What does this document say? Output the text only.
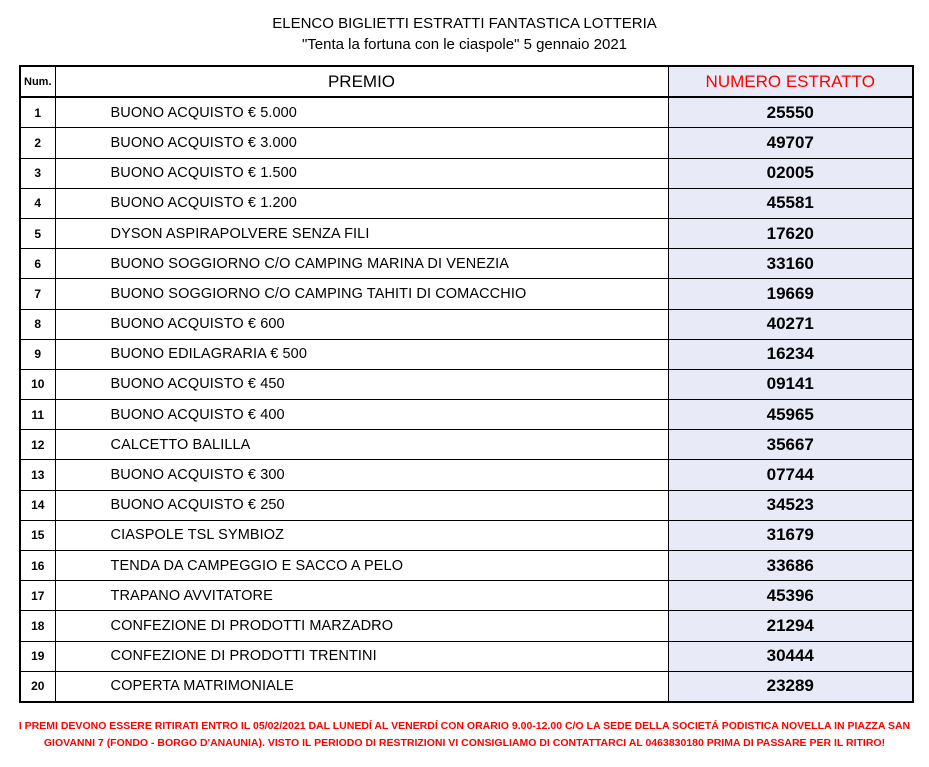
ELENCO BIGLIETTI ESTRATTI FANTASTICA LOTTERIA
"Tenta la fortuna con le ciaspole" 5 gennaio 2021
Num.	PREMIO	NUMERO ESTRATTO
1	BUONO ACQUISTO € 5.000	25550
2	BUONO ACQUISTO € 3.000	49707
3	BUONO ACQUISTO € 1.500	02005
4	BUONO ACQUISTO € 1.200	45581
5	DYSON ASPIRAPOLVERE SENZA FILI	17620
6	BUONO SOGGIORNO C/O CAMPING MARINA DI VENEZIA	33160
7	BUONO SOGGIORNO C/O CAMPING TAHITI DI COMACCHIO	19669
8	BUONO ACQUISTO € 600	40271
9	BUONO EDILAGRARIA € 500	16234
10	BUONO ACQUISTO € 450	09141
11	BUONO ACQUISTO € 400	45965
12	CALCETTO BALILLA	35667
13	BUONO ACQUISTO € 300	07744
14	BUONO ACQUISTO € 250	34523
15	CIASPOLE TSL SYMBIOZ	31679
16	TENDA DA CAMPEGGIO E SACCO A PELO	33686
17	TRAPANO AVVITATORE	45396
18	CONFEZIONE DI PRODOTTI MARZADRO	21294
19	CONFEZIONE DI PRODOTTI TRENTINI	30444
20	COPERTA MATRIMONIALE	23289
I PREMI DEVONO ESSERE RITIRATI ENTRO IL 05/02/2021 DAL LUNEDÍ AL VENERDÍ CON ORARIO 9.00-12.00 C/O LA SEDE DELLA SOCIETÁ PODISTICA NOVELLA IN PIAZZA SAN
GIOVANNI 7 (FONDO - BORGO D'ANAUNIA). VISTO IL PERIODO DI RESTRIZIONI VI CONSIGLIAMO DI CONTATTARCI AL 0463830180 PRIMA DI PASSARE PER IL RITIRO!
